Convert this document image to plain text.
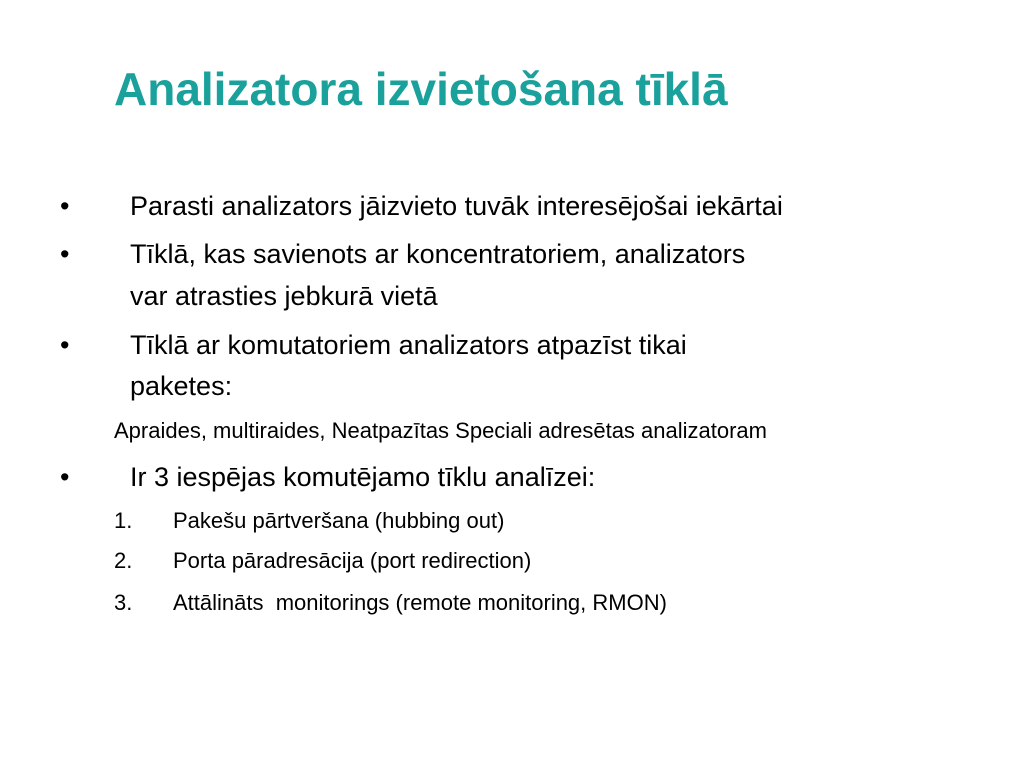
Analizatora izvietošana tīklā
• Parasti analizators jāizvieto tuvāk interesējošai iekārtai
• Tīklā, kas savienots ar koncentratoriem, analizators
var atrasties jebkurā vietā
• Tīklā ar komutatoriem analizators atpazīst tikai
paketes:
Apraides, multiraides, Neatpazītas Speciali adresētas analizatoram
• Ir 3 iespējas komutējamo tīklu analīzei:
1. Pakešu pārtveršana (hubbing out)
2. Porta pāradresācija (port redirection)
3. Attālināts  monitorings (remote monitoring, RMON)
